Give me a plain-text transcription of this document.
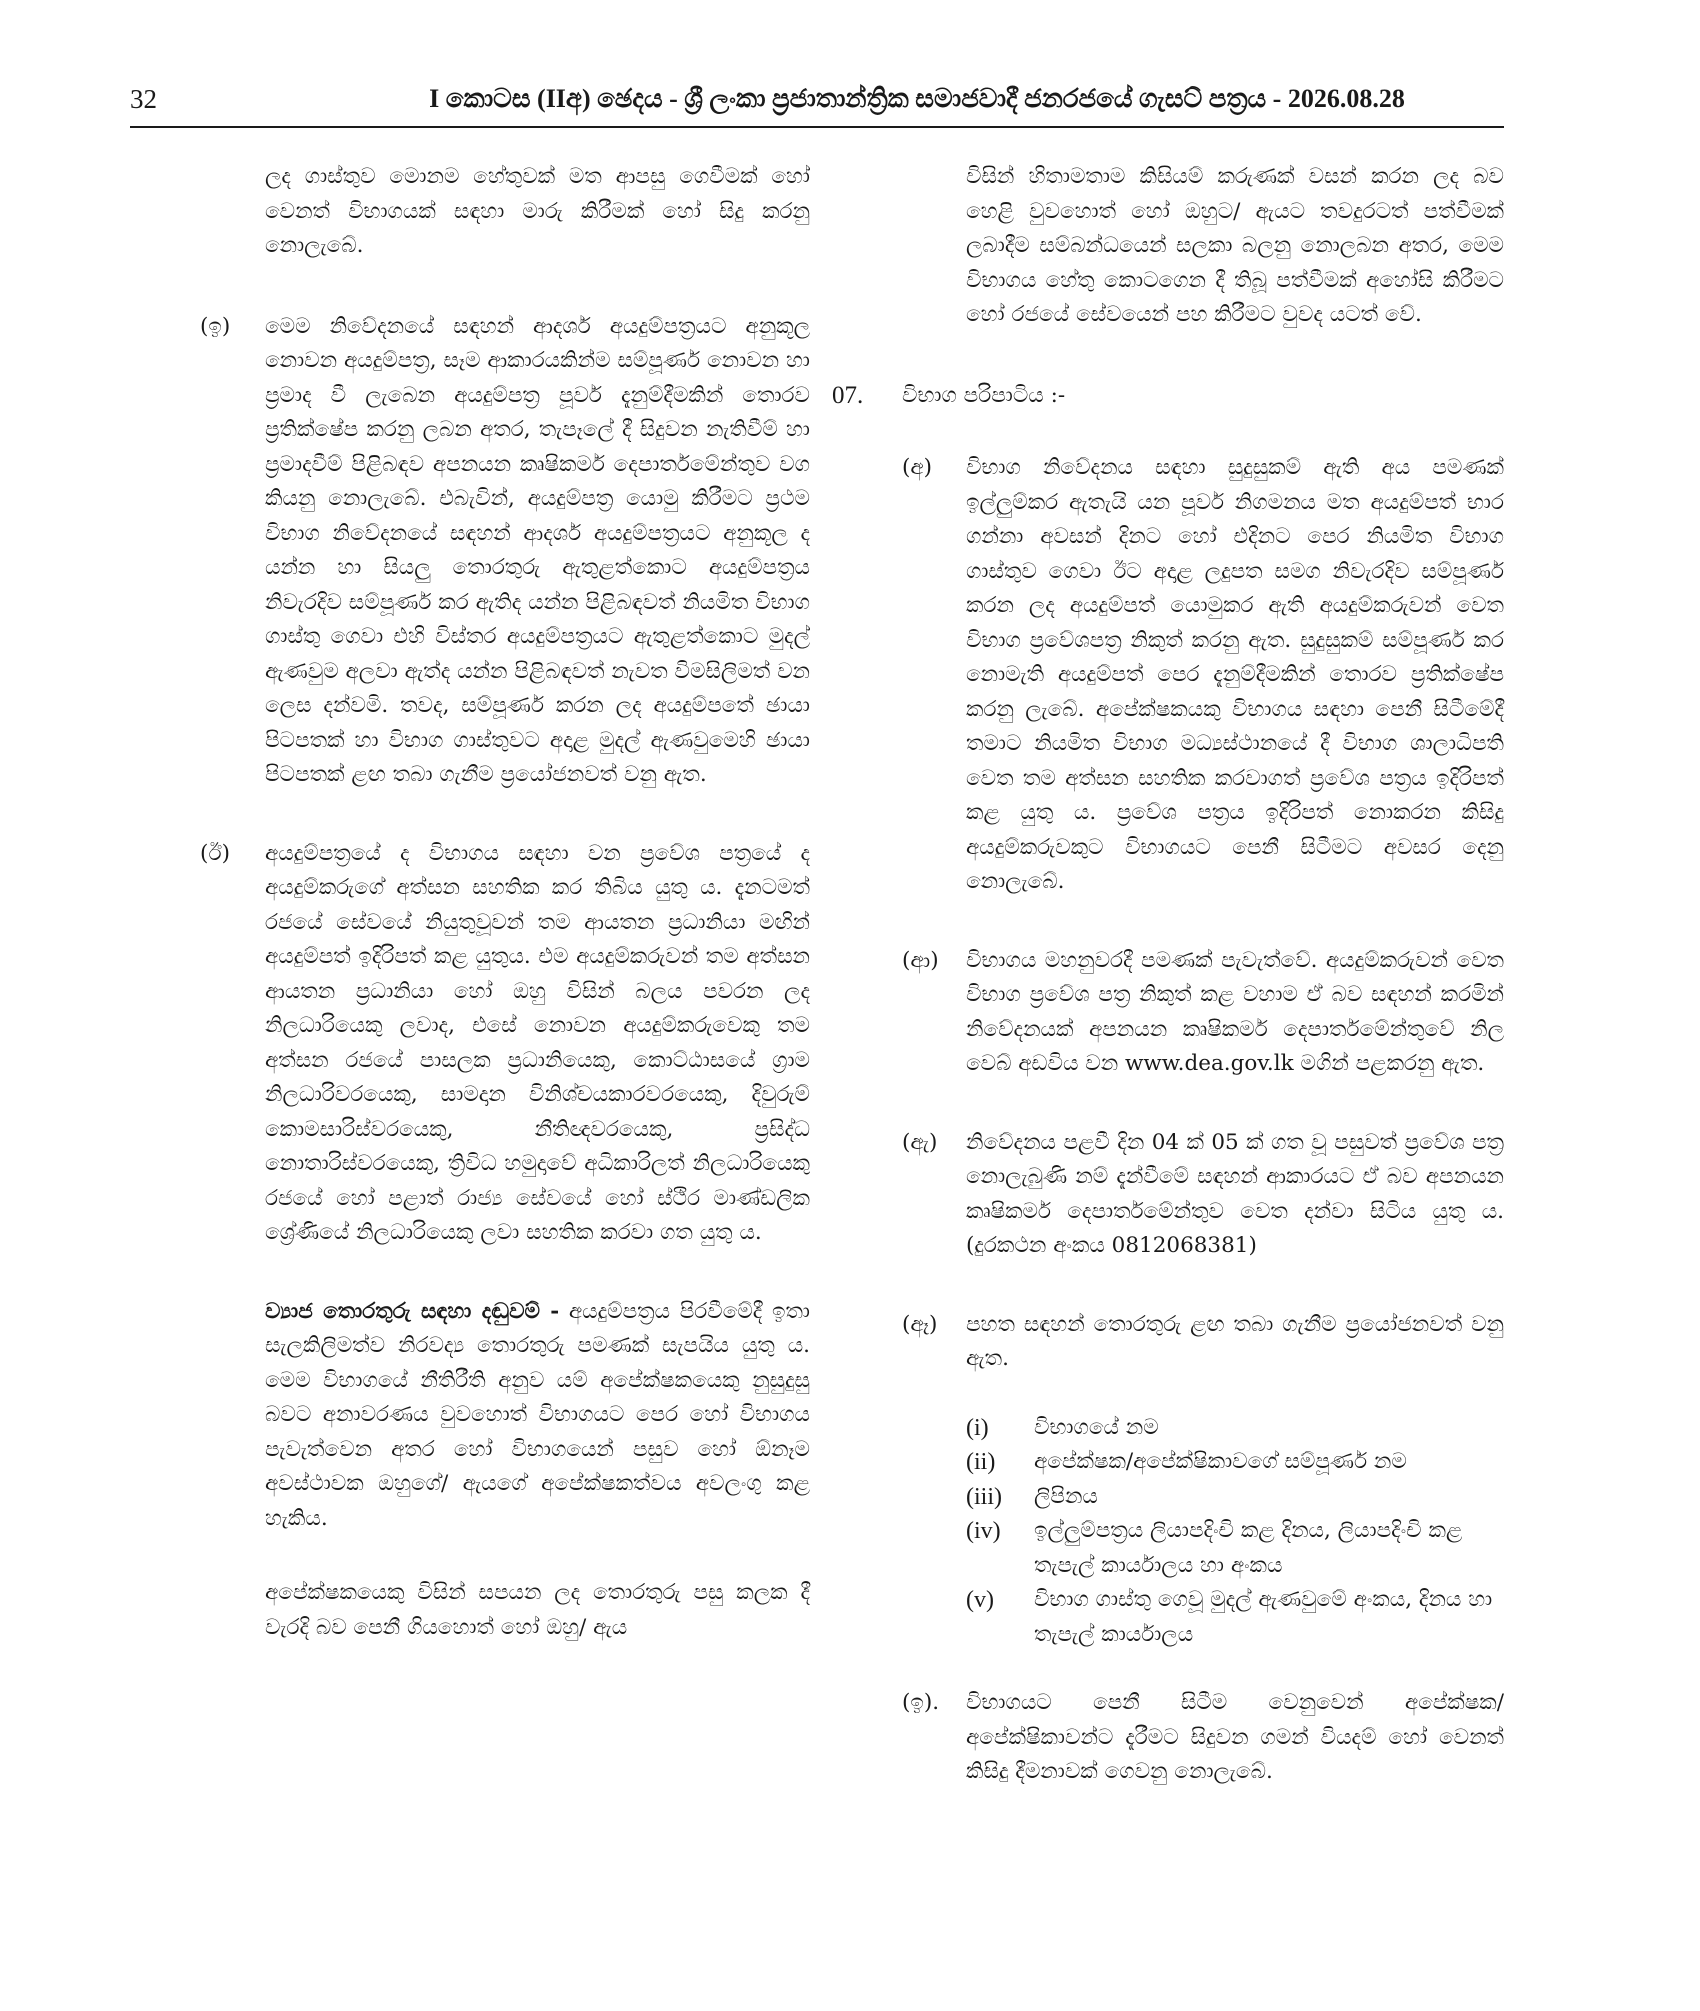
32	I කොටස (IIඅ) ඡෙදය - ශ්‍රී ලංකා ප්‍රජාතාන්ත්‍රික සමාජවාදී ජනරජයේ ගැසට් පත්‍රය - 2026.08.28

ලද ගාස්තුව මොනම හේතුවක් මත ආපසු ගෙවීමක් හෝ වෙනත් විභාගයක් සඳහා මාරු කිරීමක් හෝ සිදු කරනු නොලැබේ.

(ඉ) මෙම නිවේදනයේ සඳහන් ආදර්ශ අයදුම්පත්‍රයට අනුකූල නොවන අයදුම්පත්‍ර, සෑම ආකාරයකින්ම සම්පූර්ණ නොවන හා ප්‍රමාද වී ලැබෙන අයදුම්පත්‍ර පූර්ව දැනුම්දීමකින් තොරව ප්‍රතික්ෂේප කරනු ලබන අතර, තැපෑලේ දී සිදුවන නැතිවීම් හා ප්‍රමාදවීම් පිළිබඳව අපනයන කෘෂිකර්ම දෙපාර්තමේන්තුව වග කියනු නොලැබේ. එබැවින්, අයදුම්පත්‍ර යොමු කිරීමට ප්‍රථම විභාග නිවේදනයේ සඳහන් ආදර්ශ අයදුම්පත්‍රයට අනුකූල ද යන්න හා සියලු තොරතුරු ඇතුළත්කොට අයදුම්පත්‍රය නිවැරදිව සම්පූර්ණ කර ඇතිද යන්න පිළිබඳවත් නියමිත විභාග ගාස්තු ගෙවා එහි විස්තර අයදුම්පත්‍රයට ඇතුළත්කොට මුදල් ඇණවුම අලවා ඇත්ද යන්න පිළිබඳවත් නැවත විමසිලිමත් වන ලෙස දන්වමි. තවද, සම්පූර්ණ කරන ලද අයදුම්පතේ ඡායා පිටපතක් හා විභාග ගාස්තුවට අදාළ මුදල් ඇණවුමෙහි ඡායා පිටපතක් ළඟ තබා ගැනීම ප්‍රයෝජනවත් වනු ඇත.

(ඊ) අයදුම්පත්‍රයේ ද විභාගය සඳහා වන ප්‍රවේශ පත්‍රයේ ද අයදුම්කරුගේ අත්සන සහතික කර තිබිය යුතු ය. දැනටමත් රජයේ සේවයේ නියුතුවූවන් තම ආයතන ප්‍රධානියා මඟින් අයදුම්පත් ඉදිරිපත් කළ යුතුය. එම අයදුම්කරුවන් තම අත්සන ආයතන ප්‍රධානියා හෝ ඔහු විසින් බලය පවරන ලද නිලධාරියෙකු ලවාද, එසේ නොවන අයදුම්කරුවෙකු තම අත්සන රජයේ පාසලක ප්‍රධානියෙකු, කොට්ඨාසයේ ග්‍රාම නිලධාරිවරයෙකු, සාමදාන විනිශ්චයකාරවරයෙකු, දිවුරුම් කොමසාරිස්වරයෙකු, නීතිඥවරයෙකු, ප්‍රසිද්ධ නොතාරිස්වරයෙකු, ත්‍රිවිධ හමුදාවේ අධිකාරිලත් නිලධාරියෙකු රජයේ හෝ පළාත් රාජ්‍ය සේවයේ හෝ ස්ථිර මාණ්ඩලික ශ්‍රේණියේ නිලධාරියෙකු ලවා සහතික කරවා ගත යුතු ය.

ව්‍යාජ තොරතුරු සඳහා දඬුවම් - අයදුම්පත්‍රය පිරවීමේදී ඉතා සැලකිලිමත්ව නිරවද්‍ය තොරතුරු පමණක් සැපයිය යුතු ය. මෙම විභාගයේ නීතිරීති අනුව යම් අපේක්ෂකයෙකු නුසුදුසු බවට අනාවරණය වුවහොත් විභාගයට පෙර හෝ විභාගය පැවැත්වෙන අතර හෝ විභාගයෙන් පසුව හෝ ඕනෑම අවස්ථාවක ඔහුගේ/ ඇයගේ අපේක්ෂකත්වය අවලංගු කළ හැකිය.

අපේක්ෂකයෙකු විසින් සපයන ලද තොරතුරු පසු කලක දී වැරදි බව පෙනී ගියහොත් හෝ ඔහු/ ඇය

විසින් හිතාමතාම කිසියම් කරුණක් වසන් කරන ලද බව හෙළි වුවහොත් හෝ ඔහුට/ ඇයට තවදුරටත් පත්වීමක් ලබාදීම සම්බන්ධයෙන් සලකා බලනු නොලබන අතර, මෙම විභාගය හේතු කොටගෙන දී තිබූ පත්වීමක් අහෝසි කිරීමට හෝ රජයේ සේවයෙන් පහ කිරීමට වුවද යටත් වේ.

07. විභාග පරිපාටිය :-
(අ) විභාග නිවේදනය සඳහා සුදුසුකම් ඇති අය පමණක් ඉල්ලුම්කර ඇතැයි යන පූර්ව නිගමනය මත අයදුම්පත් භාර ගන්නා අවසන් දිනට හෝ එදිනට පෙර නියමිත විභාග ගාස්තුව ගෙවා ඊට අදාළ ලදුපත සමග නිවැරදිව සම්පූර්ණ කරන ලද අයදුම්පත් යොමුකර ඇති අයදුම්කරුවන් වෙත විභාග ප්‍රවේශපත්‍ර නිකුත් කරනු ඇත. සුදුසුකම් සම්පූර්ණ කර නොමැති අයදුම්පත් පෙර දැනුම්දීමකින් තොරව ප්‍රතික්ෂේප කරනු ලැබේ. අපේක්ෂකයකු විභාගය සඳහා පෙනී සිටීමේදී තමාට නියමිත විභාග මධ්‍යස්ථානයේ දී විභාග ශාලාධිපති වෙත තම අත්සන සහතික කරවාගත් ප්‍රවේශ පත්‍රය ඉදිරිපත් කළ යුතු ය. ප්‍රවේශ පත්‍රය ඉදිරිපත් නොකරන කිසිදු අයදුම්කරුවකුට විභාගයට පෙනී සිටීමට අවසර දෙනු නොලැබේ.

(ආ) විභාගය මහනුවරදී පමණක් පැවැත්වේ. අයදුම්කරුවන් වෙත විභාග ප්‍රවේශ පත්‍ර නිකුත් කළ වහාම ඒ බව සඳහන් කරමින් නිවේදනයක් අපනයන කෘෂිකර්ම දෙපාර්තමේන්තුවේ නිල වෙබ් අඩවිය වන www.dea.gov.lk මගින් පළකරනු ඇත.

(ඇ) නිවේදනය පළවී දින 04 ක් 05 ක් ගත වූ පසුවත් ප්‍රවේශ පත්‍ර නොලැබුණි නම් දැන්වීමේ සඳහන් ආකාරයට ඒ බව අපනයන කෘෂිකර්ම දෙපාර්තමේන්තුව වෙත දන්වා සිටිය යුතු ය. (දුරකථන අංකය 0812068381)

(ඈ) පහත සඳහන් තොරතුරු ළඟ තබා ගැනීම ප්‍රයෝජනවත් වනු ඇත.

(i)	විභාගයේ නම

(ii)	අපේක්ෂක/අපේක්ෂිකාවගේ සම්පූර්ණ නම

(iii)	ලිපිනය

(iv)	ඉල්ලුම්පත්‍රය ලියාපදිංචි කළ දිනය, ලියාපදිංචි කළ තැපැල් කාර්යාලය හා අංකය

(v)	විභාග ගාස්තු ගෙවූ මුදල් ඇණවුමේ අංකය, දිනය හා තැපැල් කාර්යාලය

(ඉ). විභාගයට පෙනී සිටීම වෙනුවෙන් අපේක්ෂක/ අපේක්ෂිකාවන්ට දැරීමට සිදුවන ගමන් වියදම් හෝ වෙනත් කිසිදු දීමනාවක් ගෙවනු නොලැබේ.
